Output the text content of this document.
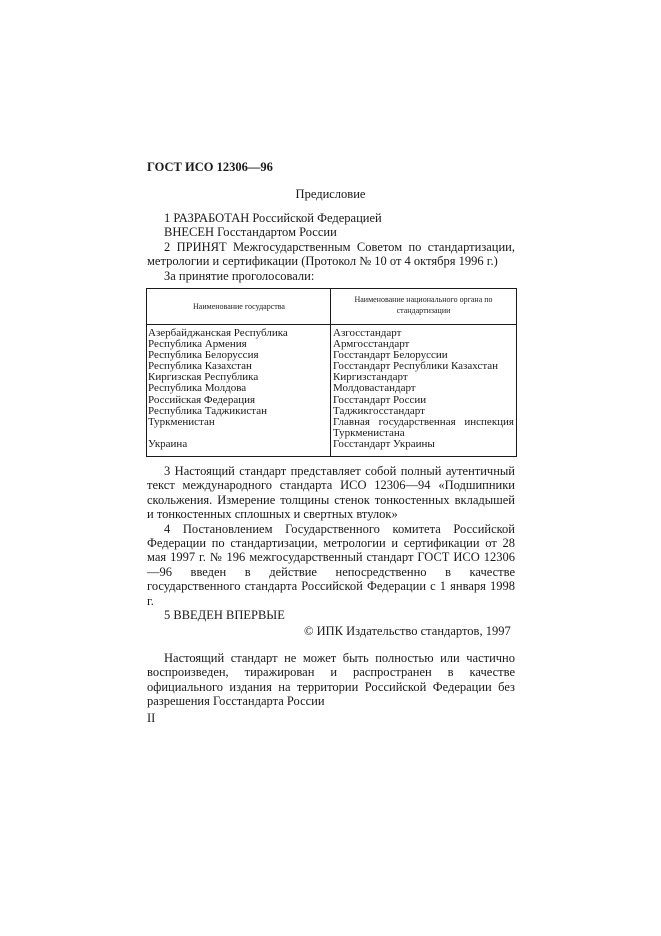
ГОСТ ИСО 12306—96
Предисловие

1 РАЗРАБОТАН Российской Федерацией

ВНЕСЕН Госстандартом России

2 ПРИНЯТ Межгосударственным Советом по стандартизации, метрологии и сертификации (Протокол № 10 от 4 октября 1996 г.)

За принятие проголосовали:

Наименование государства
Наименование национального органа по стандартизации
Азербайджанская Республика
Республика Армения
Республика Белоруссия
Республика Казахстан
Киргизская Республика
Республика Молдова
Российская Федерация
Республика Таджикистан
Туркменистан

Украина
Азгосстандарт
Армгосстандарт
Госстандарт Белоруссии
Госстандарт Республики Казахстан
Киргизстандарт
Молдовастандарт
Госстандарт России
Таджикгосстандарт
Главная государственная инспекция
Туркменистана
Госстандарт Украины

3 Настоящий стандарт представляет собой полный аутентичный текст международного стандарта ИСО 12306—94 «Подшипники скольжения. Измерение толщины стенок тонкостенных вкладышей и тонкостенных сплошных и свертных втулок»

4 Постановлением Государственного комитета Российской Федерации по стандартизации, метрологии и сертификации от 28 мая 1997 г. № 196 межгосударственный стандарт ГОСТ ИСО 12306—96 введен в действие непосредственно в качестве государственного стандарта Российской Федерации с 1 января 1998 г.

5 ВВЕДЕН ВПЕРВЫЕ

© ИПК Издательство стандартов, 1997

Настоящий стандарт не может быть полностью или частично воспроизведен, тиражирован и распространен в качестве официального издания на территории Российской Федерации без разрешения Госстандарта России

II
